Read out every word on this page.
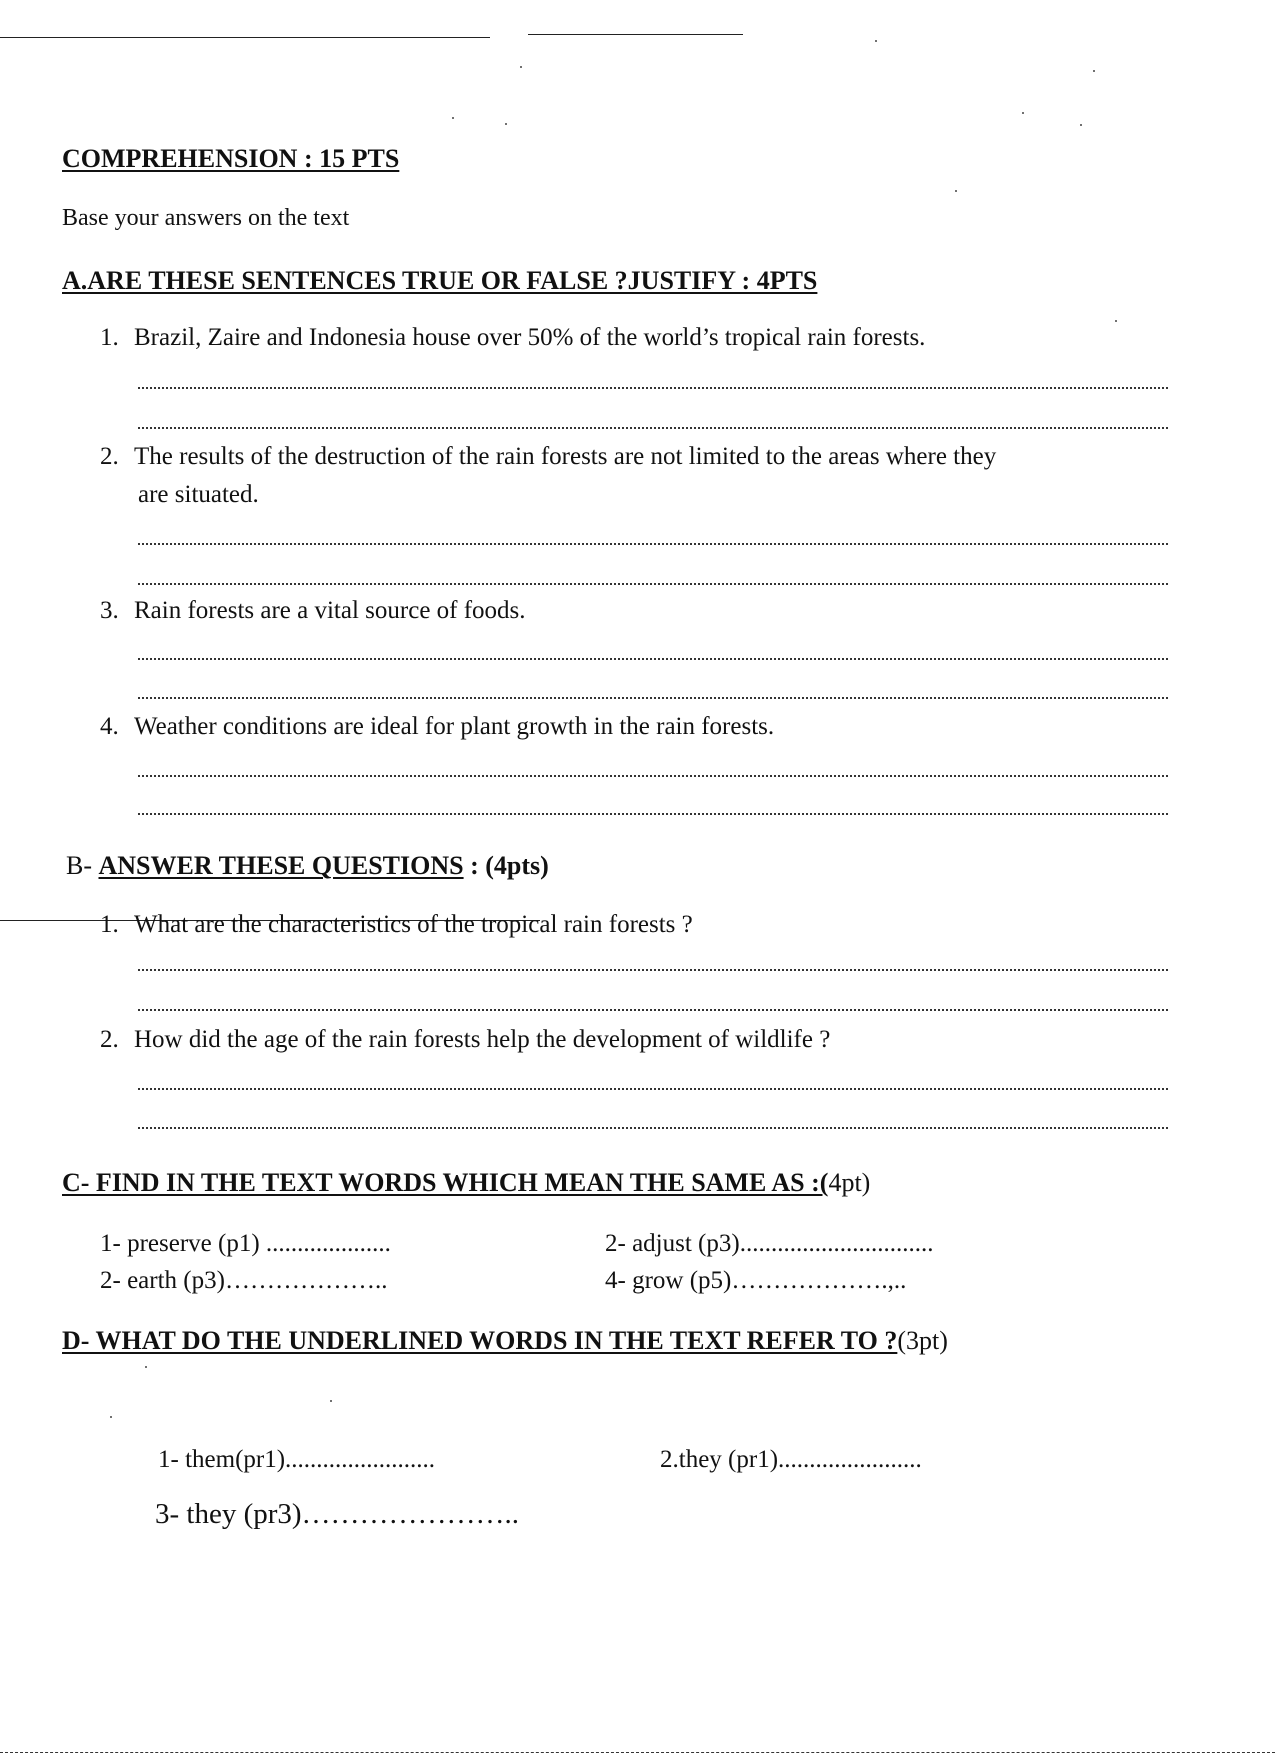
COMPREHENSION : 15 PTS
Base your answers on the text
A.ARE THESE SENTENCES TRUE OR FALSE ?JUSTIFY : 4PTS
1. Brazil, Zaire and Indonesia house over 50% of the world’s tropical rain forests.
2. The results of the destruction of the rain forests are not limited to the areas where they
are situated.
3. Rain forests are a vital source of foods.
4. Weather conditions are ideal for plant growth in the rain forests.
B- ANSWER THESE QUESTIONS : (4pts)
1. What are the characteristics of the tropical rain forests ?
2. How did the age of the rain forests help the development of wildlife ?
C- FIND IN THE TEXT WORDS WHICH MEAN THE SAME AS :(4pt)
1- preserve (p1) ....................	2- adjust (p3)...............................
2- earth (p3)………………..	4- grow (p5)……………….,..
D- WHAT DO THE UNDERLINED WORDS IN THE TEXT REFER TO ?(3pt)
1- them(pr1)........................	2.they (pr1).......................
3- they (pr3)…………………..
